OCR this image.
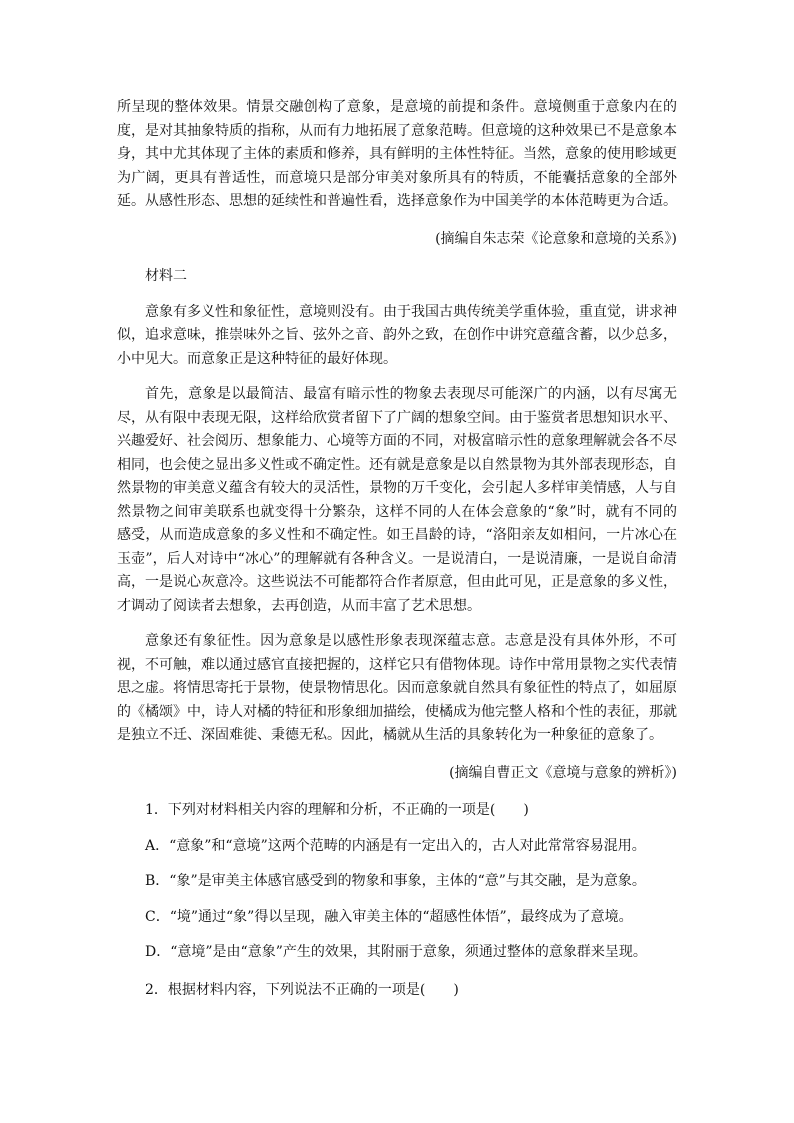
所呈现的整体效果。情景交融创构了意象，是意境的前提和条件。意境侧重于意象内在的度，是对其抽象特质的指称，从而有力地拓展了意象范畴。但意境的这种效果已不是意象本身，其中尤其体现了主体的素质和修养，具有鲜明的主体性特征。当然，意象的使用畛域更为广阔，更具有普适性，而意境只是部分审美对象所具有的特质，不能囊括意象的全部外延。从感性形态、思想的延续性和普遍性看，选择意象作为中国美学的本体范畴更为合适。

(摘编自朱志荣《论意象和意境的关系》)

材料二

意象有多义性和象征性，意境则没有。由于我国古典传统美学重体验，重直觉，讲求神似，追求意味，推崇味外之旨、弦外之音、韵外之致，在创作中讲究意蕴含蓄，以少总多，小中见大。而意象正是这种特征的最好体现。

首先，意象是以最简洁、最富有暗示性的物象去表现尽可能深广的内涵，以有尽寓无尽，从有限中表现无限，这样给欣赏者留下了广阔的想象空间。由于鉴赏者思想知识水平、兴趣爱好、社会阅历、想象能力、心境等方面的不同，对极富暗示性的意象理解就会各不尽相同，也会使之显出多义性或不确定性。还有就是意象是以自然景物为其外部表现形态，自然景物的审美意义蕴含有较大的灵活性，景物的万千变化，会引起人多样审美情感，人与自然景物之间审美联系也就变得十分繁杂，这样不同的人在体会意象的“象”时，就有不同的感受，从而造成意象的多义性和不确定性。如王昌龄的诗，“洛阳亲友如相问，一片冰心在玉壶”，后人对诗中“冰心”的理解就有各种含义。一是说清白，一是说清廉，一是说自命清高，一是说心灰意冷。这些说法不可能都符合作者原意，但由此可见，正是意象的多义性，才调动了阅读者去想象，去再创造，从而丰富了艺术思想。

意象还有象征性。因为意象是以感性形象表现深蕴志意。志意是没有具体外形，不可视，不可触，难以通过感官直接把握的，这样它只有借物体现。诗作中常用景物之实代表情思之虚。将情思寄托于景物，使景物情思化。因而意象就自然具有象征性的特点了，如屈原的《橘颂》中，诗人对橘的特征和形象细加描绘，使橘成为他完整人格和个性的表征，那就是独立不迁、深固难徙、秉德无私。因此，橘就从生活的具象转化为一种象征的意象了。

(摘编自曹正文《意境与意象的辨析》)

1．下列对材料相关内容的理解和分析，不正确的一项是(　　)

A．“意象”和“意境”这两个范畴的内涵是有一定出入的，古人对此常常容易混用。

B．“象”是审美主体感官感受到的物象和事象，主体的“意”与其交融，是为意象。

C．“境”通过“象”得以呈现，融入审美主体的“超感性体悟”，最终成为了意境。

D．“意境”是由“意象”产生的效果，其附丽于意象，须通过整体的意象群来呈现。

2．根据材料内容，下列说法不正确的一项是(　　)
